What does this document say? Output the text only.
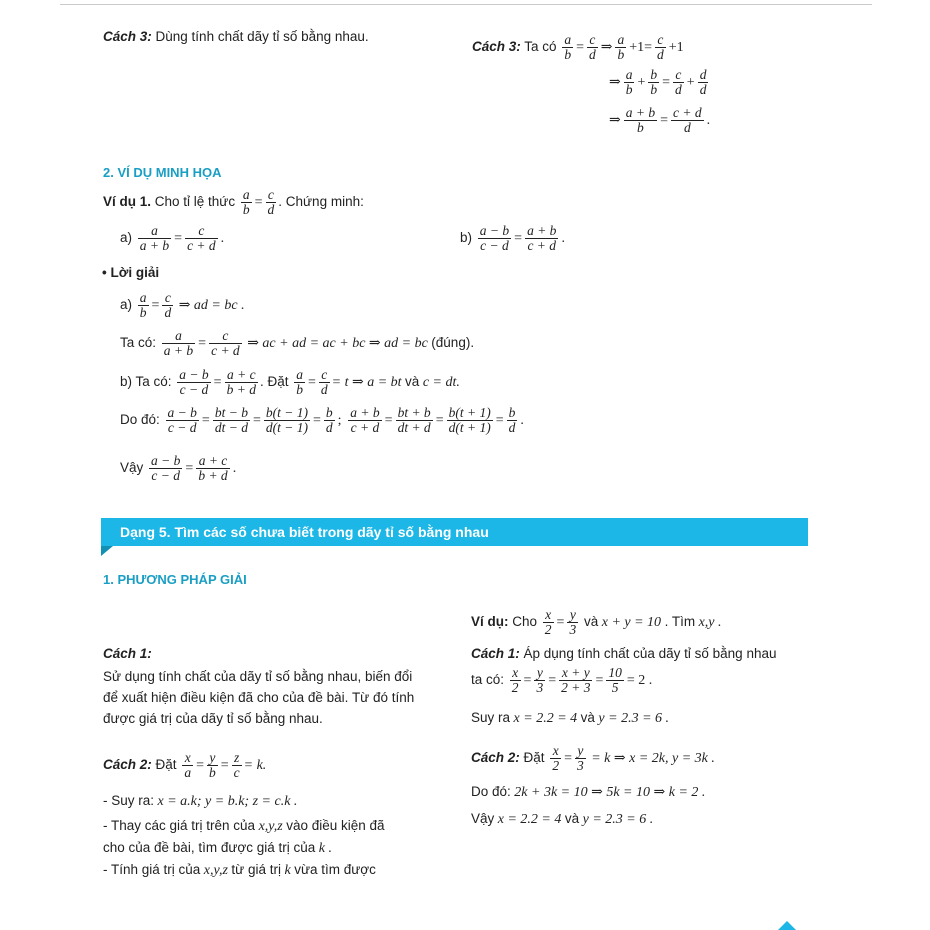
Cách 3: Dùng tính chất dãy tỉ số bằng nhau.
Cách 3: Ta có $\frac{a}{b} = \frac{c}{d}$ ⇒ $\frac{a}{b} +1= \frac{c}{d} +1$
⇒ $\frac{a}{b} + \frac{b}{b} = \frac{c}{d} + \frac{d}{d}$
⇒ $\frac{a + b}{b} = \frac{c + d}{d}$ .
2. VÍ DỤ MINH HỌA
Ví dụ 1. Cho tỉ lệ thức $\frac{a}{b} = \frac{c}{d}$ . Chứng minh:
$a) \frac{a}{a + b} = \frac{c}{c + d}$ .	$b) \frac{a - b}{c - d} = \frac{a + b}{c + d}$ .
• Lời giải
$a) \frac{a}{b} = \frac{c}{d}$ ⇒ ad = bc .
Ta có: $\frac{a}{a + b} = \frac{c}{c + d}$ ⇒ ac + ad = ac + bc ⇒ ad = bc (đúng).
b) Ta có: $\frac{a - b}{c - d} = \frac{a + c}{b + d}$ . Đặt $\frac{a}{b} = \frac{c}{d} = t$ ⇒ a = bt và c = dt.
Do đó: $\frac{a - b}{c - d} = \frac{bt - b}{dt - d} = \frac{b(t - 1)}{d(t - 1)} = \frac{b}{d}$ ; $\frac{a + b}{c + d} = \frac{bt + b}{dt + d} = \frac{b(t + 1)}{d(t + 1)} = \frac{b}{d}$ .
Vậy $\frac{a - b}{c - d} = \frac{a + c}{b + d}$ .
Dạng 5. Tìm các số chưa biết trong dãy tỉ số bằng nhau
1. PHƯƠNG PHÁP GIẢI
Cách 1:
Sử dụng tính chất của dãy tỉ số bằng nhau, biến đổi
để xuất hiện điều kiện đã cho của đề bài. Từ đó tính
được giá trị của dãy tỉ số bằng nhau.
Cách 2: Đặt $\frac{x}{a} = \frac{y}{b} = \frac{z}{c} = k$.
- Suy ra: x = a.k; y = b.k; z = c.k .
- Thay các giá trị trên của x,y,z vào điều kiện đã
cho của đề bài, tìm được giá trị của k .
- Tính giá trị của x,y,z từ giá trị k vừa tìm được
Ví dụ: Cho $\frac{x}{2} = \frac{y}{3}$ và x + y = 10 . Tìm x,y .
Cách 1: Áp dụng tính chất của dãy tỉ số bằng nhau
ta có: $\frac{x}{2} = \frac{y}{3} = \frac{x + y}{2 + 3} = \frac{10}{5} = 2$ .
Suy ra x = 2.2 = 4 và y = 2.3 = 6 .
Cách 2: Đặt $\frac{x}{2} = \frac{y}{3} = k$ ⇒ x = 2k, y = 3k .
Do đó: 2k + 3k = 10 ⇒ 5k = 10 ⇒ k = 2 .
Vậy x = 2.2 = 4 và y = 2.3 = 6 .
